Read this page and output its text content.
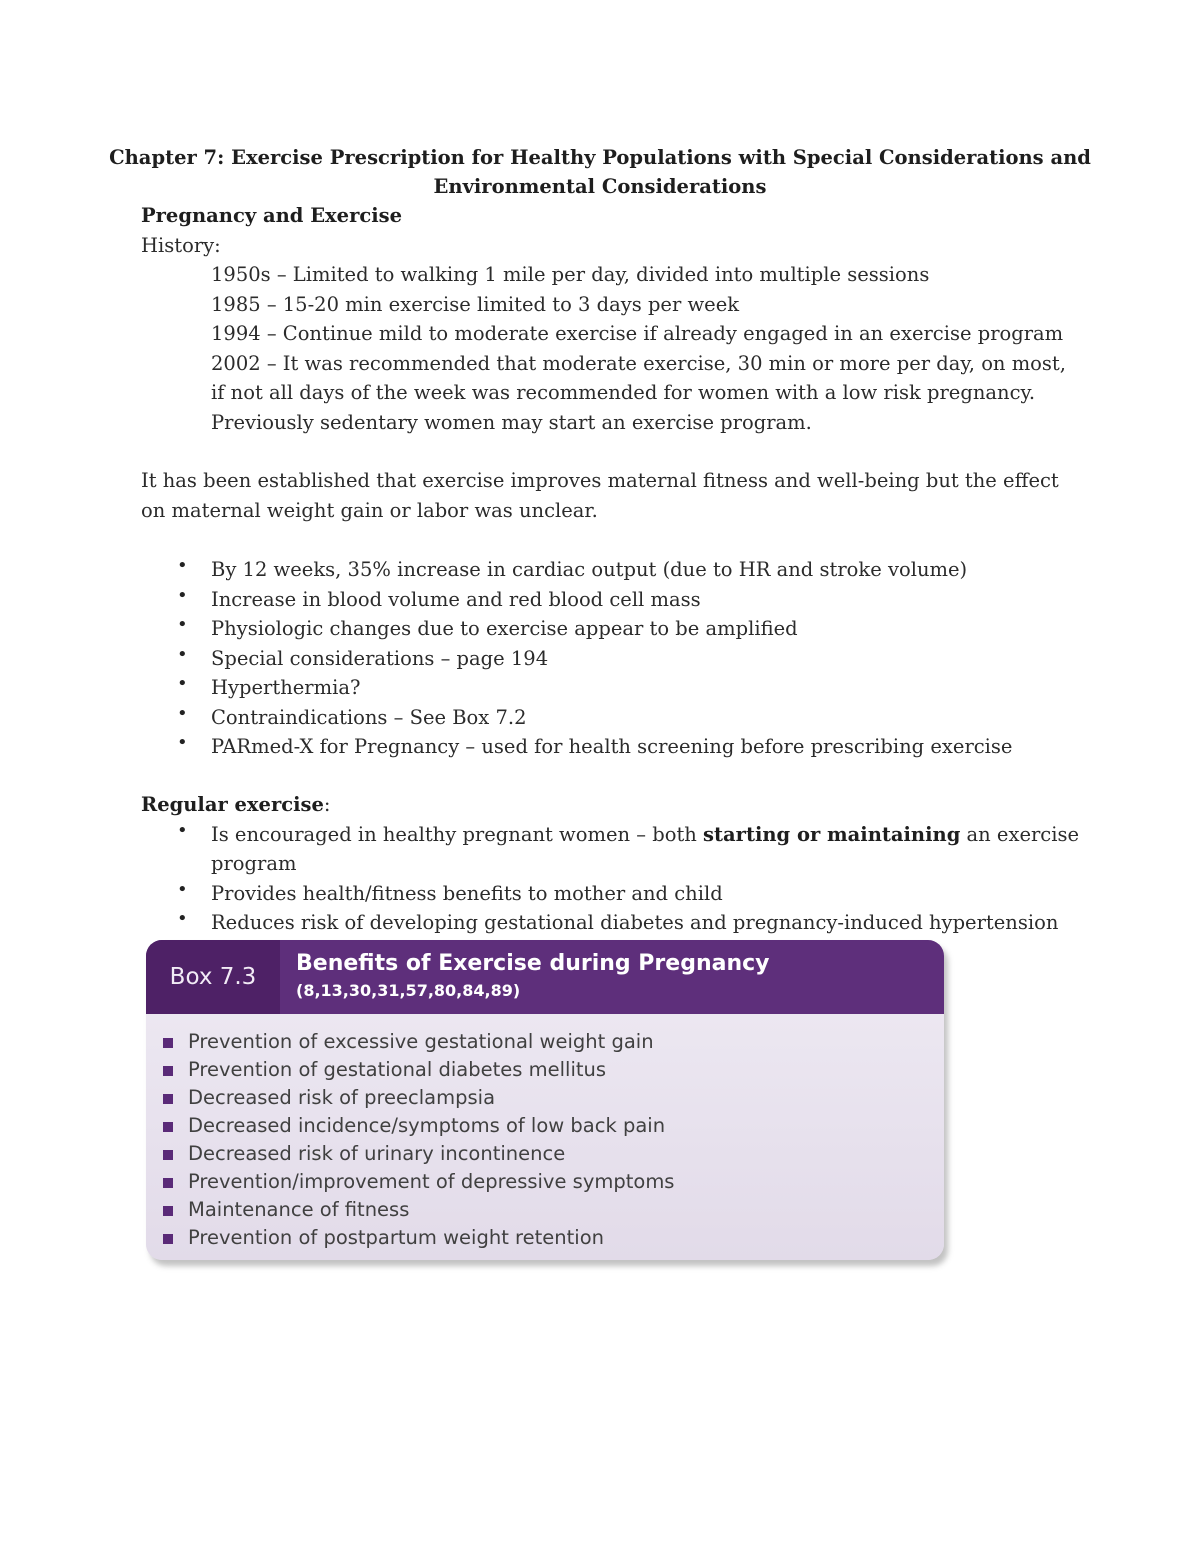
Chapter 7: Exercise Prescription for Healthy Populations with Special Considerations and
Environmental Considerations
Pregnancy and Exercise
History:
1950s – Limited to walking 1 mile per day, divided into multiple sessions
1985 – 15-20 min exercise limited to 3 days per week
1994 – Continue mild to moderate exercise if already engaged in an exercise program
2002 – It was recommended that moderate exercise, 30 min or more per day, on most, if not all days of the week was recommended for women with a low risk pregnancy. Previously sedentary women may start an exercise program.
It has been established that exercise improves maternal fitness and well-being but the effect on maternal weight gain or labor was unclear.
• By 12 weeks, 35% increase in cardiac output (due to HR and stroke volume)
• Increase in blood volume and red blood cell mass
• Physiologic changes due to exercise appear to be amplified
• Special considerations – page 194
• Hyperthermia?
• Contraindications – See Box 7.2
• PARmed-X for Pregnancy – used for health screening before prescribing exercise
Regular exercise:
• Is encouraged in healthy pregnant women – both starting or maintaining an exercise program
• Provides health/fitness benefits to mother and child
• Reduces risk of developing gestational diabetes and pregnancy-induced hypertension
Box 7.3
Benefits of Exercise during Pregnancy
(8,13,30,31,57,80,84,89)
Prevention of excessive gestational weight gain
Prevention of gestational diabetes mellitus
Decreased risk of preeclampsia
Decreased incidence/symptoms of low back pain
Decreased risk of urinary incontinence
Prevention/improvement of depressive symptoms
Maintenance of fitness
Prevention of postpartum weight retention
